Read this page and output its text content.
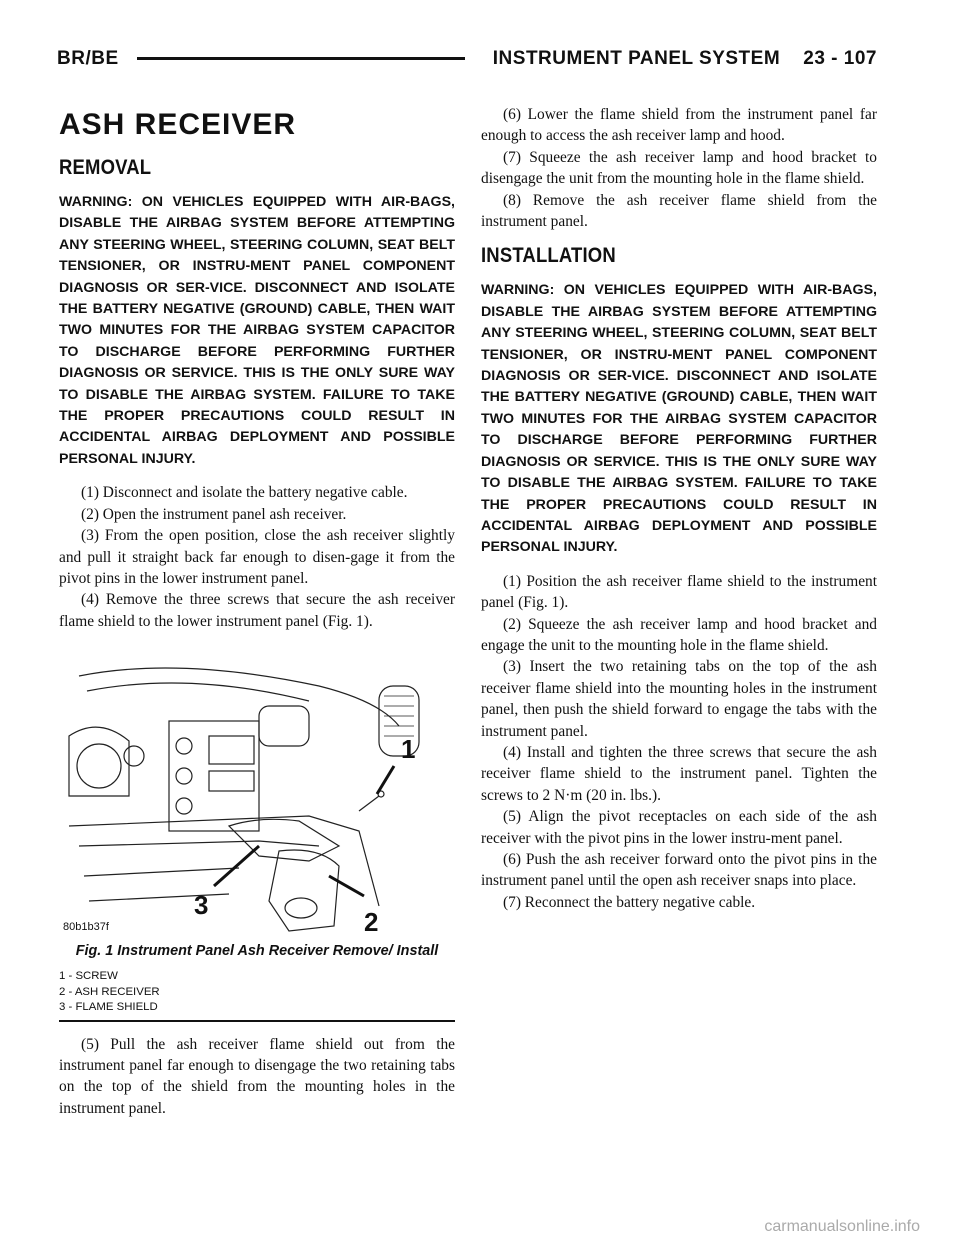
BR/BE	INSTRUMENT PANEL SYSTEM    23 - 107
ASH RECEIVER
REMOVAL
WARNING: ON VEHICLES EQUIPPED WITH AIR-BAGS, DISABLE THE AIRBAG SYSTEM BEFORE ATTEMPTING ANY STEERING WHEEL, STEERING COLUMN, SEAT BELT TENSIONER, OR INSTRU-MENT PANEL COMPONENT DIAGNOSIS OR SER-VICE. DISCONNECT AND ISOLATE THE BATTERY NEGATIVE (GROUND) CABLE, THEN WAIT TWO MINUTES FOR THE AIRBAG SYSTEM CAPACITOR TO DISCHARGE BEFORE PERFORMING FURTHER DIAGNOSIS OR SERVICE. THIS IS THE ONLY SURE WAY TO DISABLE THE AIRBAG SYSTEM. FAILURE TO TAKE THE PROPER PRECAUTIONS COULD RESULT IN ACCIDENTAL AIRBAG DEPLOYMENT AND POSSIBLE PERSONAL INJURY.

(1) Disconnect and isolate the battery negative cable.

(2) Open the instrument panel ash receiver.

(3) From the open position, close the ash receiver slightly and pull it straight back far enough to disen-gage it from the pivot pins in the lower instrument panel.

(4) Remove the three screws that secure the ash receiver flame shield to the lower instrument panel (Fig. 1).

1
2
3
80b1b37f
Fig. 1 Instrument Panel Ash Receiver Remove/ Install
1 - SCREW
2 - ASH RECEIVER
3 - FLAME SHIELD

(5) Pull the ash receiver flame shield out from the instrument panel far enough to disengage the two retaining tabs on the top of the shield from the mounting holes in the instrument panel.

(6) Lower the flame shield from the instrument panel far enough to access the ash receiver lamp and hood.

(7) Squeeze the ash receiver lamp and hood bracket to disengage the unit from the mounting hole in the flame shield.

(8) Remove the ash receiver flame shield from the instrument panel.

INSTALLATION
WARNING: ON VEHICLES EQUIPPED WITH AIR-BAGS, DISABLE THE AIRBAG SYSTEM BEFORE ATTEMPTING ANY STEERING WHEEL, STEERING COLUMN, SEAT BELT TENSIONER, OR INSTRU-MENT PANEL COMPONENT DIAGNOSIS OR SER-VICE. DISCONNECT AND ISOLATE THE BATTERY NEGATIVE (GROUND) CABLE, THEN WAIT TWO MINUTES FOR THE AIRBAG SYSTEM CAPACITOR TO DISCHARGE BEFORE PERFORMING FURTHER DIAGNOSIS OR SERVICE. THIS IS THE ONLY SURE WAY TO DISABLE THE AIRBAG SYSTEM. FAILURE TO TAKE THE PROPER PRECAUTIONS COULD RESULT IN ACCIDENTAL AIRBAG DEPLOYMENT AND POSSIBLE PERSONAL INJURY.

(1) Position the ash receiver flame shield to the instrument panel (Fig. 1).

(2) Squeeze the ash receiver lamp and hood bracket and engage the unit to the mounting hole in the flame shield.

(3) Insert the two retaining tabs on the top of the ash receiver flame shield into the mounting holes in the instrument panel, then push the shield forward to engage the tabs with the instrument panel.

(4) Install and tighten the three screws that secure the ash receiver flame shield to the instrument panel. Tighten the screws to 2 N·m (20 in. lbs.).

(5) Align the pivot receptacles on each side of the ash receiver with the pivot pins in the lower instru-ment panel.

(6) Push the ash receiver forward onto the pivot pins in the instrument panel until the open ash receiver snaps into place.

(7) Reconnect the battery negative cable.

carmanualsonline.info
